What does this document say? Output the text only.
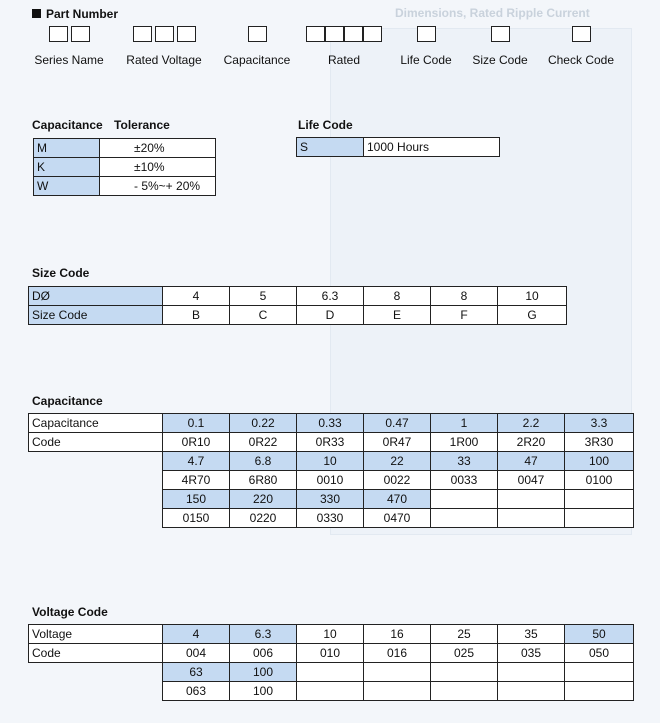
Dimensions, Rated Ripple Current
Part Number
Series Name	Rated Voltage	Capacitance	Rated	Life Code	Size Code	Check Code
Capacitance Tolerance
M	±20%
K	±10%
W	- 5%~+ 20%
Life Code
S	1000 Hours
Size Code
DØ	4	5	6.3	8	8	10
Size Code	B	C	D	E	F	G
Capacitance
Capacitance	0.1	0.22	0.33	0.47	1	2.2	3.3
Code	0R10	0R22	0R33	0R47	1R00	2R20	3R30
	4.7	6.8	10	22	33	47	100
	4R70	6R80	0010	0022	0033	0047	0100
	150	220	330	470			
	0150	0220	0330	0470			
Voltage Code
Voltage	4	6.3	10	16	25	35	50
Code	004	006	010	016	025	035	050
	63	100					
	063	100					
